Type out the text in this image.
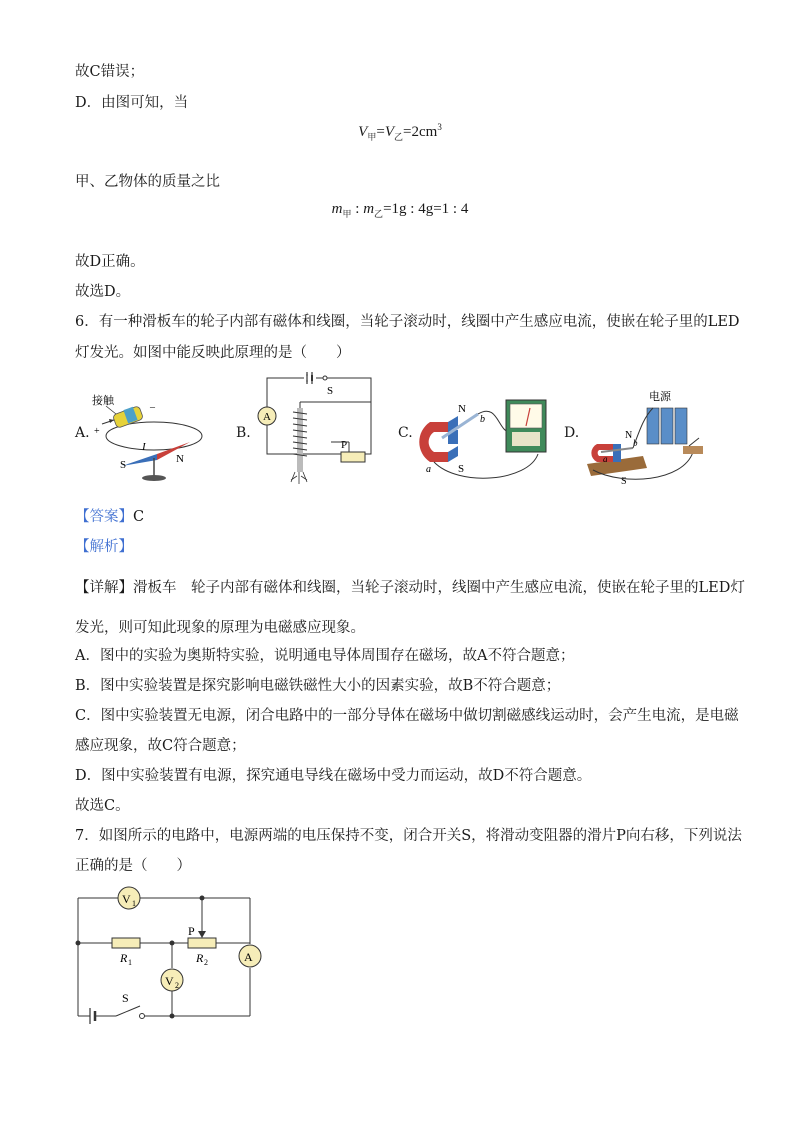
故C错误；
D．由图可知，当
$V_甲=V_乙=2cm^3$
甲、乙物体的质量之比
$m_甲$ : $m_乙=1g$ : 4g=1 : 4
故D正确。
故选D。
6．有一种滑板车的轮子内部有磁体和线圈，当轮子滚动时，线圈中产生感应电流，使嵌在轮子里的LED
灯发光。如图中能反映此原理的是（　　）
A.	B.	C.	D.
接触
+
–
I
S	N
S
A
P
N
S
a
b
电源
N
S
a
b
【答案】C
【解析】
【详解】滑板车　轮子内部有磁体和线圈，当轮子滚动时，线圈中产生感应电流，使嵌在轮子里的LED灯
发光，则可知此现象的原理为电磁感应现象。
A．图中的实验为奥斯特实验，说明通电导体周围存在磁场，故A不符合题意；
B．图中实验装置是探究影响电磁铁磁性大小的因素实验，故B不符合题意；
C．图中实验装置无电源，闭合电路中的一部分导体在磁场中做切割磁感线运动时，会产生电流，是电磁
感应现象，故C符合题意；
D．图中实验装置有电源，探究通电导线在磁场中受力而运动，故D不符合题意。
故选C。
7．如图所示的电路中，电源两端的电压保持不变，闭合开关S，将滑动变阻器的滑片P向右移，下列说法
正确的是（　　）
V 1
R 1	R 2
P
V 2
A
S
